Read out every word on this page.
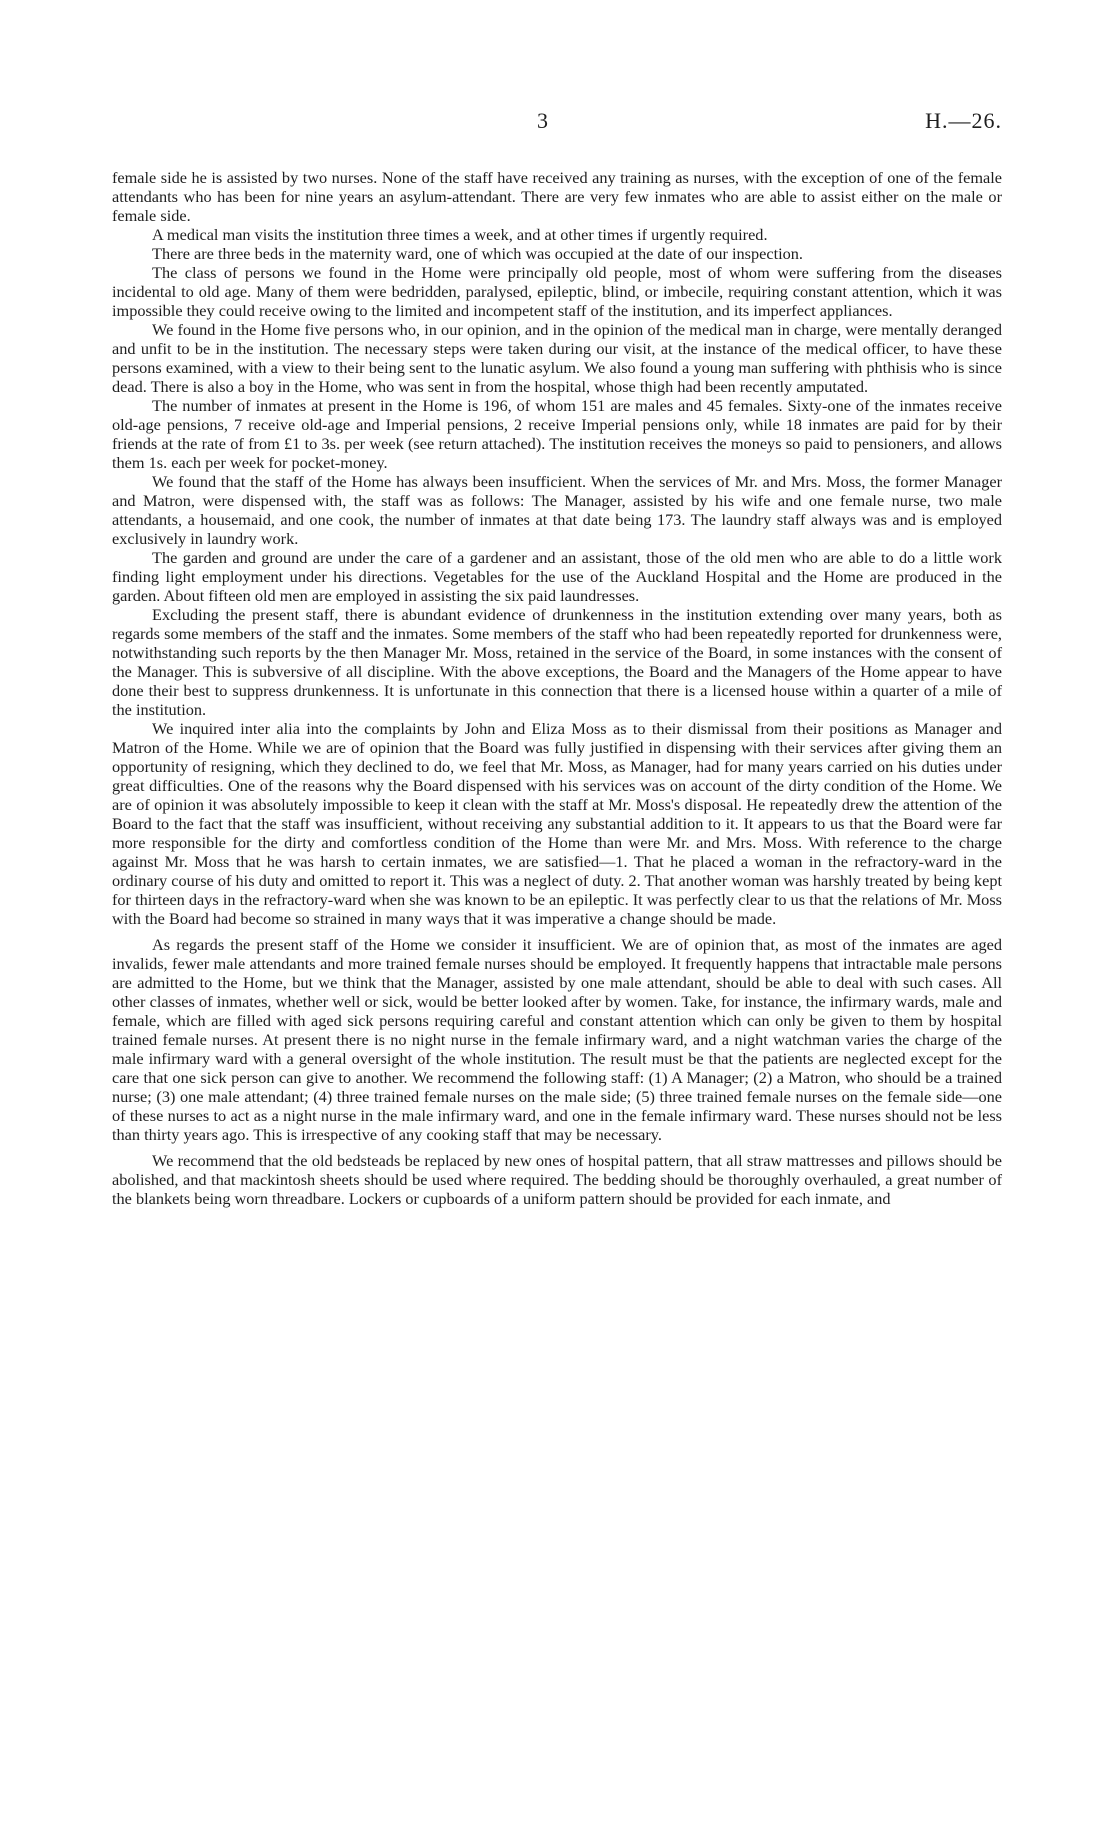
3	H.—26.

female side he is assisted by two nurses. None of the staff have received any training as nurses, with the exception of one of the female attendants who has been for nine years an asylum-attendant. There are very few inmates who are able to assist either on the male or female side.

A medical man visits the institution three times a week, and at other times if urgently required.

There are three beds in the maternity ward, one of which was occupied at the date of our inspection.

The class of persons we found in the Home were principally old people, most of whom were suffering from the diseases incidental to old age. Many of them were bedridden, paralysed, epileptic, blind, or imbecile, requiring constant attention, which it was impossible they could receive owing to the limited and incompetent staff of the institution, and its imperfect appliances.

We found in the Home five persons who, in our opinion, and in the opinion of the medical man in charge, were mentally deranged and unfit to be in the institution. The necessary steps were taken during our visit, at the instance of the medical officer, to have these persons examined, with a view to their being sent to the lunatic asylum. We also found a young man suffering with phthisis who is since dead. There is also a boy in the Home, who was sent in from the hospital, whose thigh had been recently amputated.

The number of inmates at present in the Home is 196, of whom 151 are males and 45 females. Sixty-one of the inmates receive old-age pensions, 7 receive old-age and Imperial pensions, 2 receive Imperial pensions only, while 18 inmates are paid for by their friends at the rate of from £1 to 3s. per week (see return attached). The institution receives the moneys so paid to pensioners, and allows them 1s. each per week for pocket-money.

We found that the staff of the Home has always been insufficient. When the services of Mr. and Mrs. Moss, the former Manager and Matron, were dispensed with, the staff was as follows: The Manager, assisted by his wife and one female nurse, two male attendants, a housemaid, and one cook, the number of inmates at that date being 173. The laundry staff always was and is employed exclusively in laundry work.

The garden and ground are under the care of a gardener and an assistant, those of the old men who are able to do a little work finding light employment under his directions. Vegetables for the use of the Auckland Hospital and the Home are produced in the garden. About fifteen old men are employed in assisting the six paid laundresses.

Excluding the present staff, there is abundant evidence of drunkenness in the institution extending over many years, both as regards some members of the staff and the inmates. Some members of the staff who had been repeatedly reported for drunkenness were, notwithstanding such reports by the then Manager Mr. Moss, retained in the service of the Board, in some instances with the consent of the Manager. This is subversive of all discipline. With the above exceptions, the Board and the Managers of the Home appear to have done their best to suppress drunkenness. It is unfortunate in this connection that there is a licensed house within a quarter of a mile of the institution.

We inquired inter alia into the complaints by John and Eliza Moss as to their dismissal from their positions as Manager and Matron of the Home. While we are of opinion that the Board was fully justified in dispensing with their services after giving them an opportunity of resigning, which they declined to do, we feel that Mr. Moss, as Manager, had for many years carried on his duties under great difficulties. One of the reasons why the Board dispensed with his services was on account of the dirty condition of the Home. We are of opinion it was absolutely impossible to keep it clean with the staff at Mr. Moss's disposal. He repeatedly drew the attention of the Board to the fact that the staff was insufficient, without receiving any substantial addition to it. It appears to us that the Board were far more responsible for the dirty and comfortless condition of the Home than were Mr. and Mrs. Moss. With reference to the charge against Mr. Moss that he was harsh to certain inmates, we are satisfied—1. That he placed a woman in the refractory-ward in the ordinary course of his duty and omitted to report it. This was a neglect of duty. 2. That another woman was harshly treated by being kept for thirteen days in the refractory-ward when she was known to be an epileptic. It was perfectly clear to us that the relations of Mr. Moss with the Board had become so strained in many ways that it was imperative a change should be made.

As regards the present staff of the Home we consider it insufficient. We are of opinion that, as most of the inmates are aged invalids, fewer male attendants and more trained female nurses should be employed. It frequently happens that intractable male persons are admitted to the Home, but we think that the Manager, assisted by one male attendant, should be able to deal with such cases. All other classes of inmates, whether well or sick, would be better looked after by women. Take, for instance, the infirmary wards, male and female, which are filled with aged sick persons requiring careful and constant attention which can only be given to them by hospital trained female nurses. At present there is no night nurse in the female infirmary ward, and a night watchman varies the charge of the male infirmary ward with a general oversight of the whole institution. The result must be that the patients are neglected except for the care that one sick person can give to another. We recommend the following staff: (1) A Manager; (2) a Matron, who should be a trained nurse; (3) one male attendant; (4) three trained female nurses on the male side; (5) three trained female nurses on the female side—one of these nurses to act as a night nurse in the male infirmary ward, and one in the female infirmary ward. These nurses should not be less than thirty years ago. This is irrespective of any cooking staff that may be necessary.

We recommend that the old bedsteads be replaced by new ones of hospital pattern, that all straw mattresses and pillows should be abolished, and that mackintosh sheets should be used where required. The bedding should be thoroughly overhauled, a great number of the blankets being worn threadbare. Lockers or cupboards of a uniform pattern should be provided for each inmate, and
